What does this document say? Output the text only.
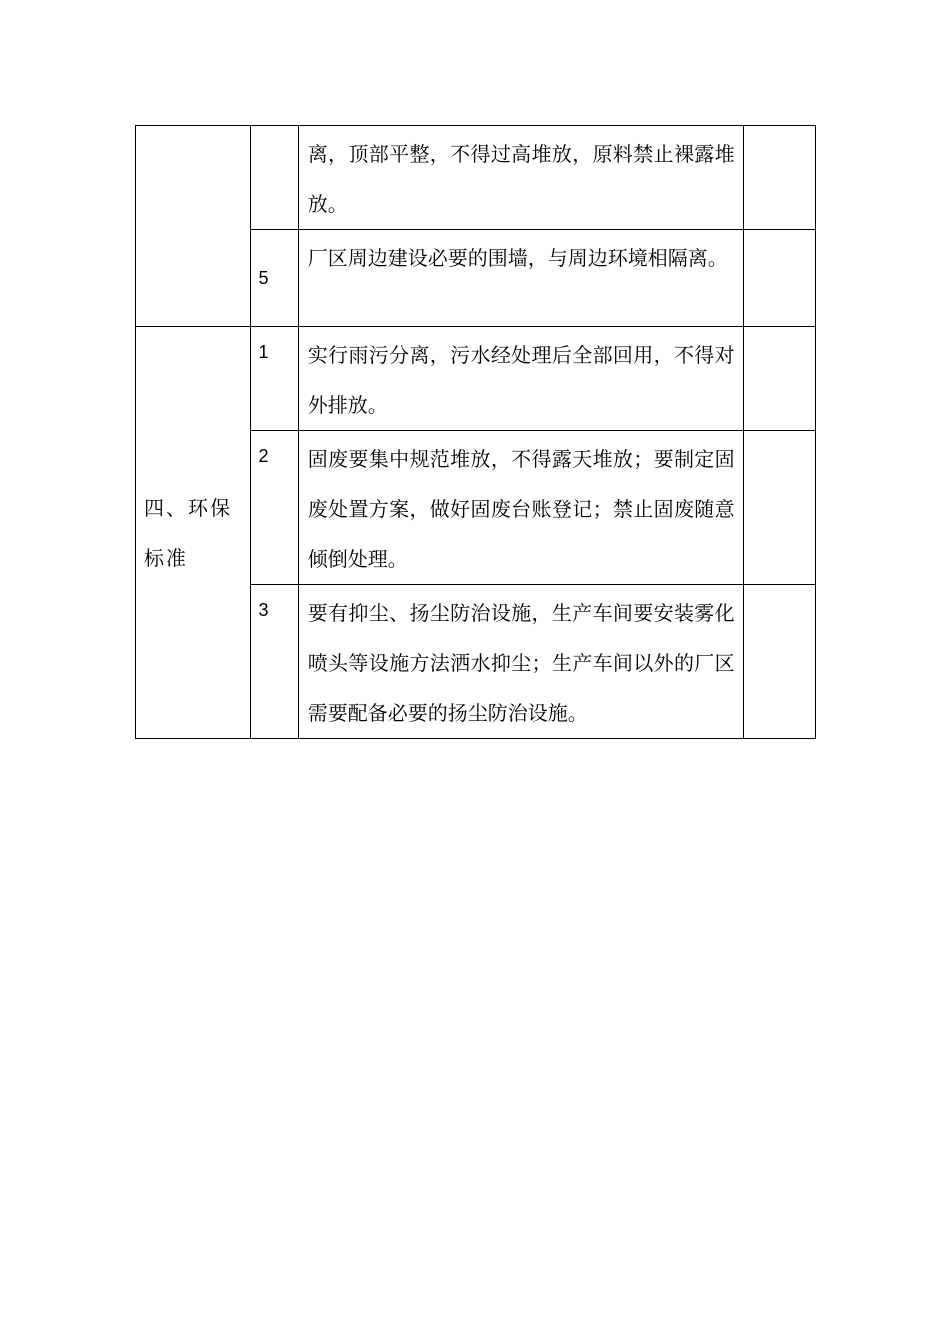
		离，顶部平整，不得过高堆放，原料禁止裸露堆放。	
	5	厂区周边建设必要的围墙，与周边环境相隔离。	
四、环保标准	1	实行雨污分离，污水经处理后全部回用，不得对外排放。	
	2	固废要集中规范堆放，不得露天堆放；要制定固废处置方案，做好固废台账登记；禁止固废随意倾倒处理。	
	3	要有抑尘、扬尘防治设施，生产车间要安装雾化喷头等设施方法洒水抑尘；生产车间以外的厂区需要配备必要的扬尘防治设施。	
